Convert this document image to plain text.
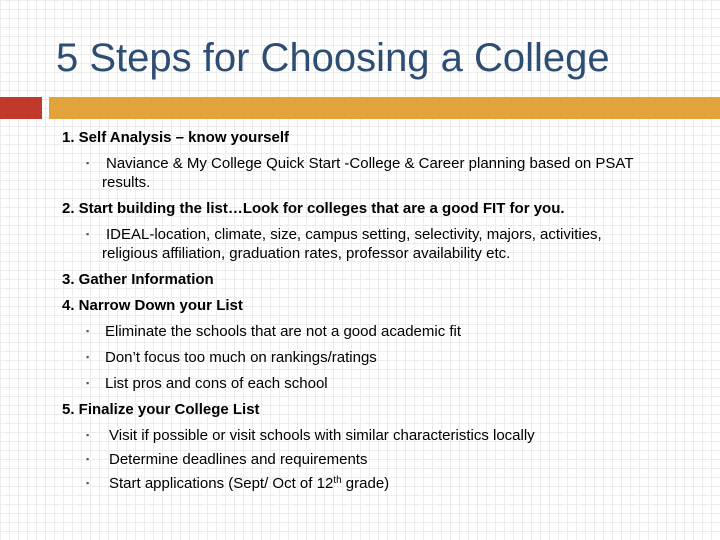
5 Steps for Choosing a College
1. Self Analysis – know yourself
▪ Naviance & My College Quick Start -College & Career planning based on PSAT
results.
2. Start building the list…Look for colleges that are a good FIT for you.
▪ IDEAL-location, climate, size, campus setting, selectivity, majors, activities,
religious affiliation, graduation rates, professor availability etc.
3. Gather Information
4. Narrow Down your List
▪ Eliminate the schools that are not a good academic fit
▪ Don’t focus too much on rankings/ratings
▪ List pros and cons of each school
5. Finalize your College List
▪ Visit if possible or visit schools with similar characteristics locally
▪ Determine deadlines and requirements
▪ Start applications (Sept/ Oct of 12th grade)
